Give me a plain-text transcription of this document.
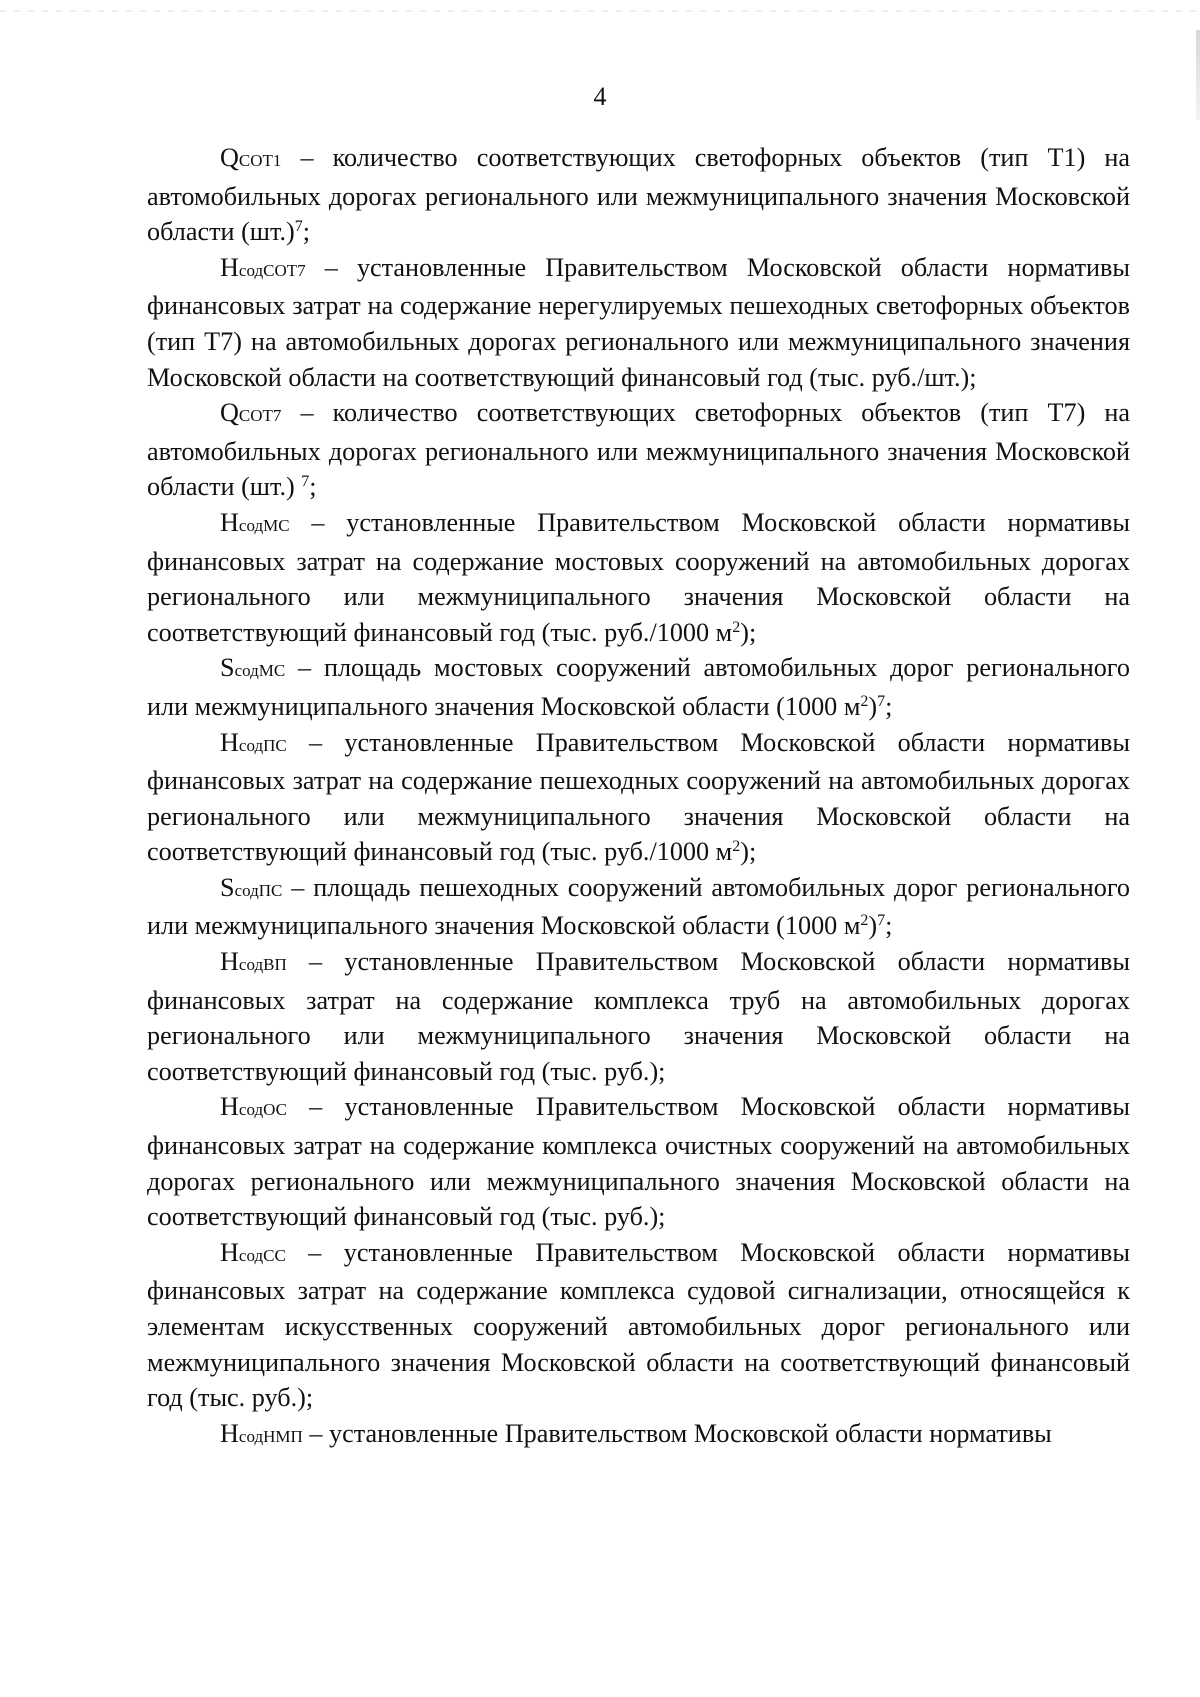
4

QСОТ1 – количество соответствующих светофорных объектов (тип Т1) на автомобильных дорогах регионального или межмуниципального значения Московской области $(шт.)^7$;

НсодСОТ7 – установленные Правительством Московской области нормативы финансовых затрат на содержание нерегулируемых пешеходных светофорных объектов (тип Т7) на автомобильных дорогах регионального или межмуниципального значения Московской области на соответствующий финансовый год (тыс. руб./шт.);

QСОТ7 – количество соответствующих светофорных объектов (тип Т7) на автомобильных дорогах регионального или межмуниципального значения Московской области (шт.) $^7$;

НсодМС – установленные Правительством Московской области нормативы финансовых затрат на содержание мостовых сооружений на автомобильных дорогах регионального или межмуниципального значения Московской области на соответствующий финансовый год (тыс. руб./1000 $м^2$);

SсодМС – площадь мостовых сооружений автомобильных дорог регионального или межмуниципального значения Московской области (1000 $м^2)^7$;

НсодПС – установленные Правительством Московской области нормативы финансовых затрат на содержание пешеходных сооружений на автомобильных дорогах регионального или межмуниципального значения Московской области на соответствующий финансовый год (тыс. руб./1000 $м^2$);

SсодПС – площадь пешеходных сооружений автомобильных дорог регионального или межмуниципального значения Московской области (1000 $м^2)^7$;

НсодВП – установленные Правительством Московской области нормативы финансовых затрат на содержание комплекса труб на автомобильных дорогах регионального или межмуниципального значения Московской области на соответствующий финансовый год (тыс. руб.);

НсодОС – установленные Правительством Московской области нормативы финансовых затрат на содержание комплекса очистных сооружений на автомобильных дорогах регионального или межмуниципального значения Московской области на соответствующий финансовый год (тыс. руб.);

НсодСС – установленные Правительством Московской области нормативы финансовых затрат на содержание комплекса судовой сигнализации, относящейся к элементам искусственных сооружений автомобильных дорог регионального или межмуниципального значения Московской области на соответствующий финансовый год (тыс. руб.);

НсодНМП – установленные Правительством Московской области нормативы
